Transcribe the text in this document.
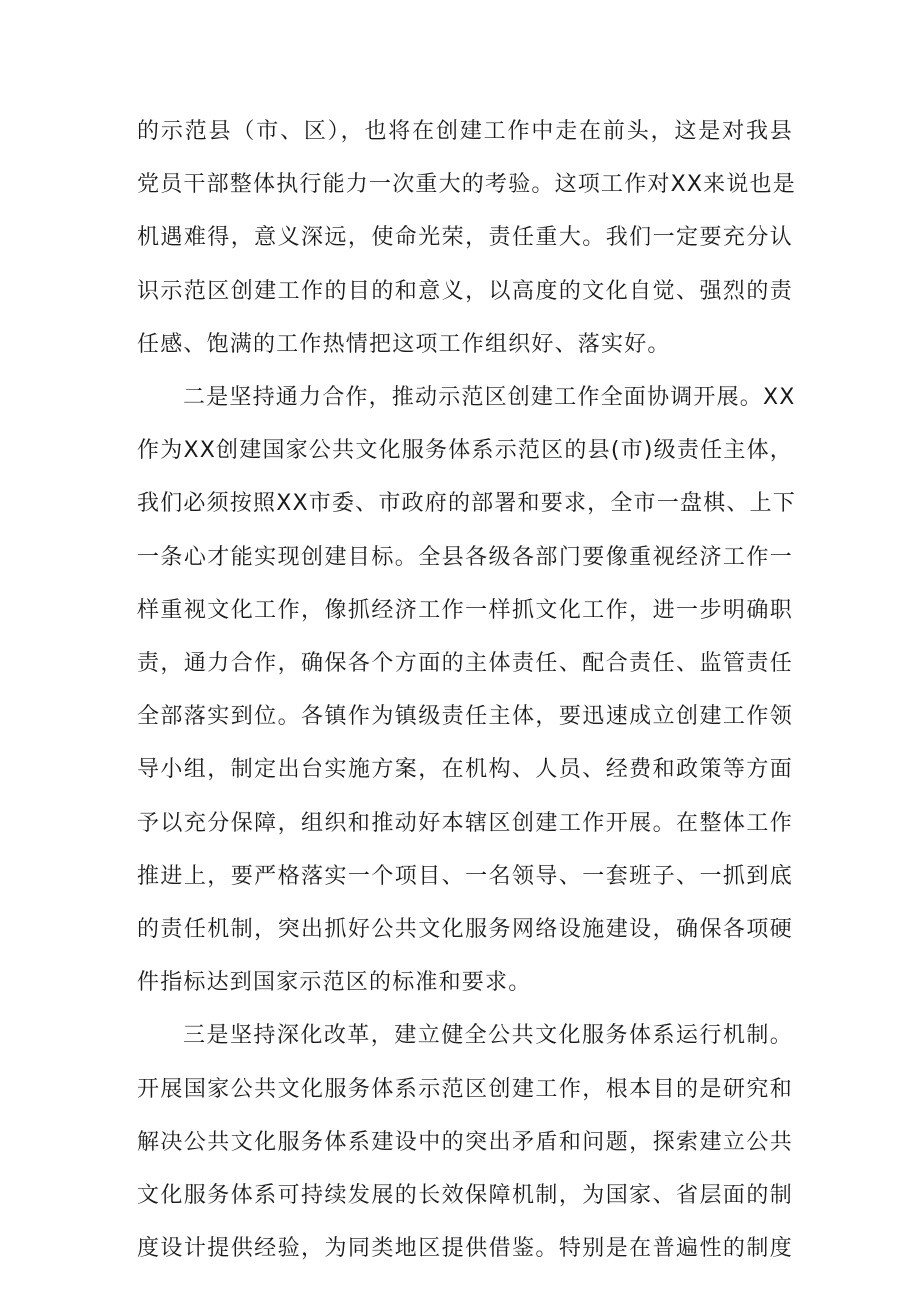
的示范县（市、区），也将在创建工作中走在前头，这是对我县
党员干部整体执行能力一次重大的考验。这项工作对XX来说也是
机遇难得，意义深远，使命光荣，责任重大。我们一定要充分认
识示范区创建工作的目的和意义，以高度的文化自觉、强烈的责
任感、饱满的工作热情把这项工作组织好、落实好。

二是坚持通力合作，推动示范区创建工作全面协调开展。XX
作为XX创建国家公共文化服务体系示范区的县(市)级责任主体，
我们必须按照XX市委、市政府的部署和要求，全市一盘棋、上下
一条心才能实现创建目标。全县各级各部门要像重视经济工作一
样重视文化工作，像抓经济工作一样抓文化工作，进一步明确职
责，通力合作，确保各个方面的主体责任、配合责任、监管责任
全部落实到位。各镇作为镇级责任主体，要迅速成立创建工作领
导小组，制定出台实施方案，在机构、人员、经费和政策等方面
予以充分保障，组织和推动好本辖区创建工作开展。在整体工作
推进上，要严格落实一个项目、一名领导、一套班子、一抓到底
的责任机制，突出抓好公共文化服务网络设施建设，确保各项硬
件指标达到国家示范区的标准和要求。

三是坚持深化改革，建立健全公共文化服务体系运行机制。
开展国家公共文化服务体系示范区创建工作，根本目的是研究和
解决公共文化服务体系建设中的突出矛盾和问题，探索建立公共
文化服务体系可持续发展的长效保障机制，为国家、省层面的制
度设计提供经验，为同类地区提供借鉴。特别是在普遍性的制度
